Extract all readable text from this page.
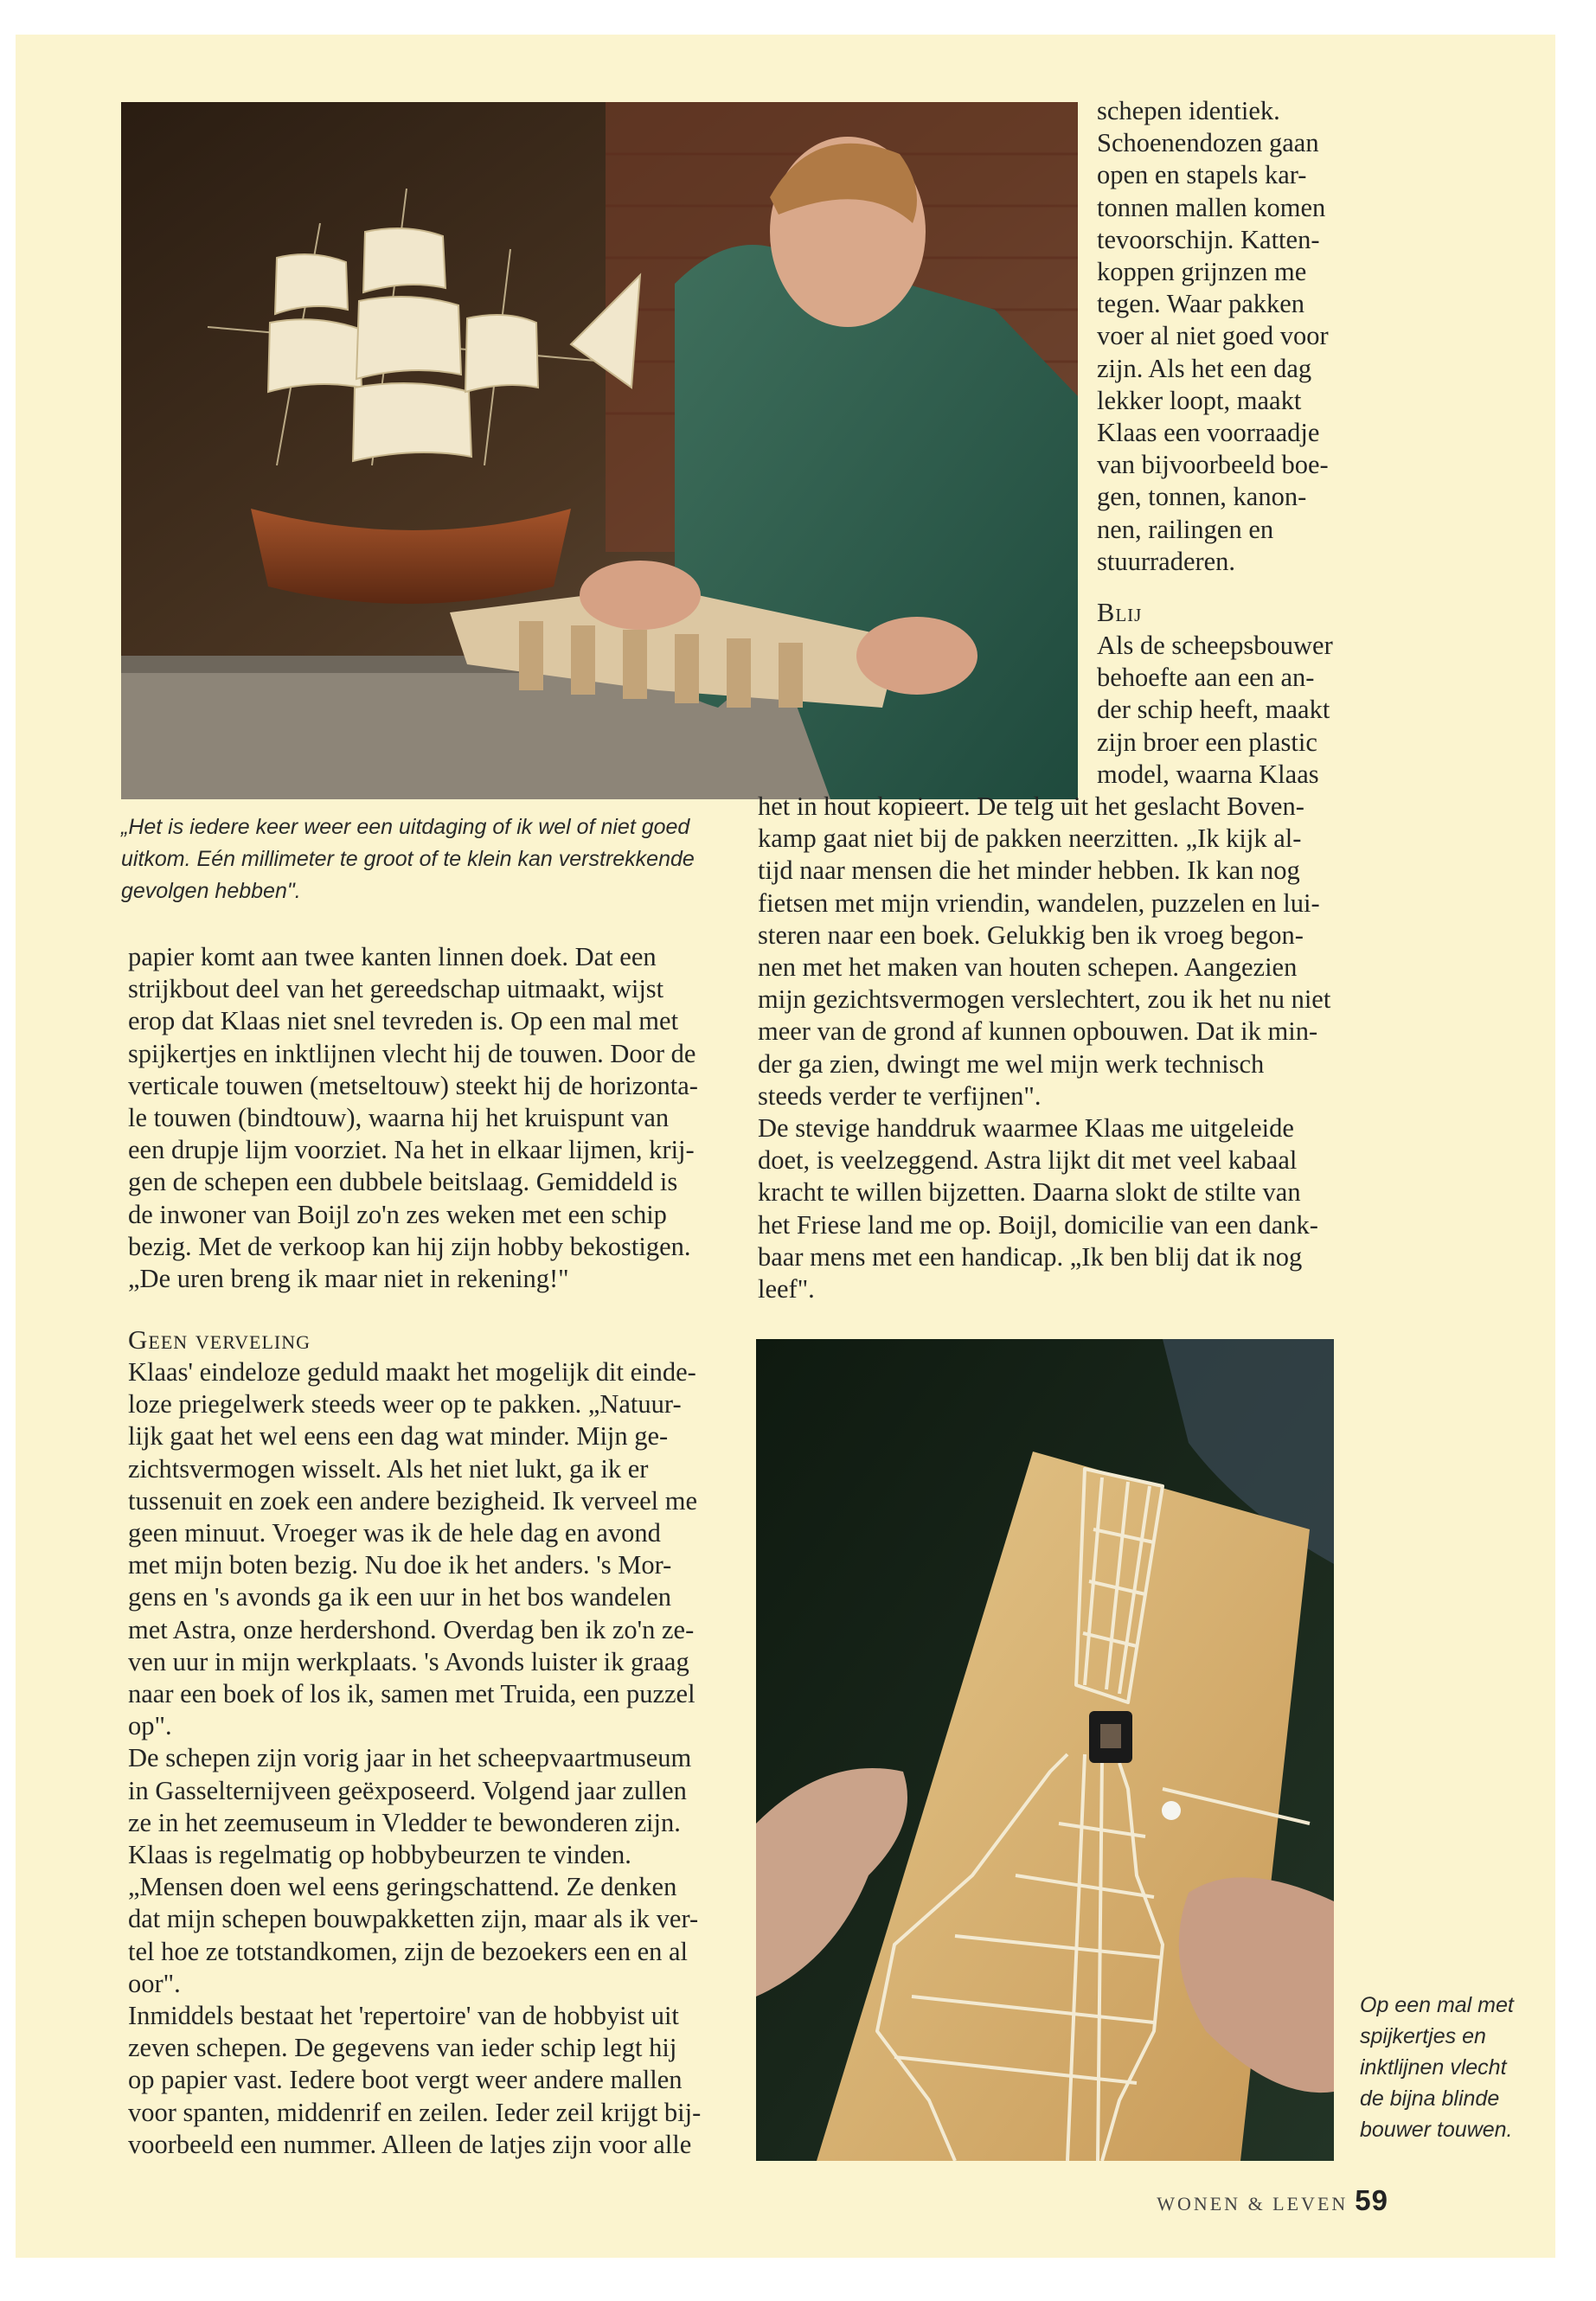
„Het is iedere keer weer een uitdaging of ik wel of niet goed uitkom. Eén millimeter te groot of te klein kan verstrekkende gevolgen hebben".

schepen identiek.

Schoenendozen gaan

open en stapels kar-

tonnen mallen komen

tevoorschijn. Katten-

koppen grijnzen me

tegen. Waar pakken

voer al niet goed voor

zijn. Als het een dag

lekker loopt, maakt

Klaas een voorraadje

van bijvoorbeeld boe-

gen, tonnen, kanon-

nen, railingen en

stuurraderen.

Blij

Als de scheepsbouwer

behoefte aan een an-

der schip heeft, maakt

zijn broer een plastic

model, waarna Klaas

het in hout kopieert. De telg uit het geslacht Boven-

kamp gaat niet bij de pakken neerzitten. „Ik kijk al-

tijd naar mensen die het minder hebben. Ik kan nog

fietsen met mijn vriendin, wandelen, puzzelen en lui-

steren naar een boek. Gelukkig ben ik vroeg begon-

nen met het maken van houten schepen. Aangezien

mijn gezichtsvermogen verslechtert, zou ik het nu niet

meer van de grond af kunnen opbouwen. Dat ik min-

der ga zien, dwingt me wel mijn werk technisch

steeds verder te verfijnen".

De stevige handdruk waarmee Klaas me uitgeleide

doet, is veelzeggend. Astra lijkt dit met veel kabaal

kracht te willen bijzetten. Daarna slokt de stilte van

het Friese land me op. Boijl, domicilie van een dank-

baar mens met een handicap. „Ik ben blij dat ik nog

leef".

papier komt aan twee kanten linnen doek. Dat een

strijkbout deel van het gereedschap uitmaakt, wijst

erop dat Klaas niet snel tevreden is. Op een mal met

spijkertjes en inktlijnen vlecht hij de touwen. Door de

verticale touwen (metseltouw) steekt hij de horizonta-

le touwen (bindtouw), waarna hij het kruispunt van

een drupje lijm voorziet. Na het in elkaar lijmen, krij-

gen de schepen een dubbele beitslaag. Gemiddeld is

de inwoner van Boijl zo'n zes weken met een schip

bezig. Met de verkoop kan hij zijn hobby bekostigen.

„De uren breng ik maar niet in rekening!"

Geen verveling

Klaas' eindeloze geduld maakt het mogelijk dit einde-

loze priegelwerk steeds weer op te pakken. „Natuur-

lijk gaat het wel eens een dag wat minder. Mijn ge-

zichtsvermogen wisselt. Als het niet lukt, ga ik er

tussenuit en zoek een andere bezigheid. Ik verveel me

geen minuut. Vroeger was ik de hele dag en avond

met mijn boten bezig. Nu doe ik het anders. 's Mor-

gens en 's avonds ga ik een uur in het bos wandelen

met Astra, onze herdershond. Overdag ben ik zo'n ze-

ven uur in mijn werkplaats. 's Avonds luister ik graag

naar een boek of los ik, samen met Truida, een puzzel

op".

De schepen zijn vorig jaar in het scheepvaartmuseum

in Gasselternijveen geëxposeerd. Volgend jaar zullen

ze in het zeemuseum in Vledder te bewonderen zijn.

Klaas is regelmatig op hobbybeurzen te vinden.

„Mensen doen wel eens geringschattend. Ze denken

dat mijn schepen bouwpakketten zijn, maar als ik ver-

tel hoe ze totstandkomen, zijn de bezoekers een en al

oor".

Inmiddels bestaat het 'repertoire' van de hobbyist uit

zeven schepen. De gegevens van ieder schip legt hij

op papier vast. Iedere boot vergt weer andere mallen

voor spanten, middenrif en zeilen. Ieder zeil krijgt bij-

voorbeeld een nummer. Alleen de latjes zijn voor alle

Op een mal met spijkertjes en inktlijnen vlecht de bijna blinde bouwer touwen.
WONEN & LEVEN 59
